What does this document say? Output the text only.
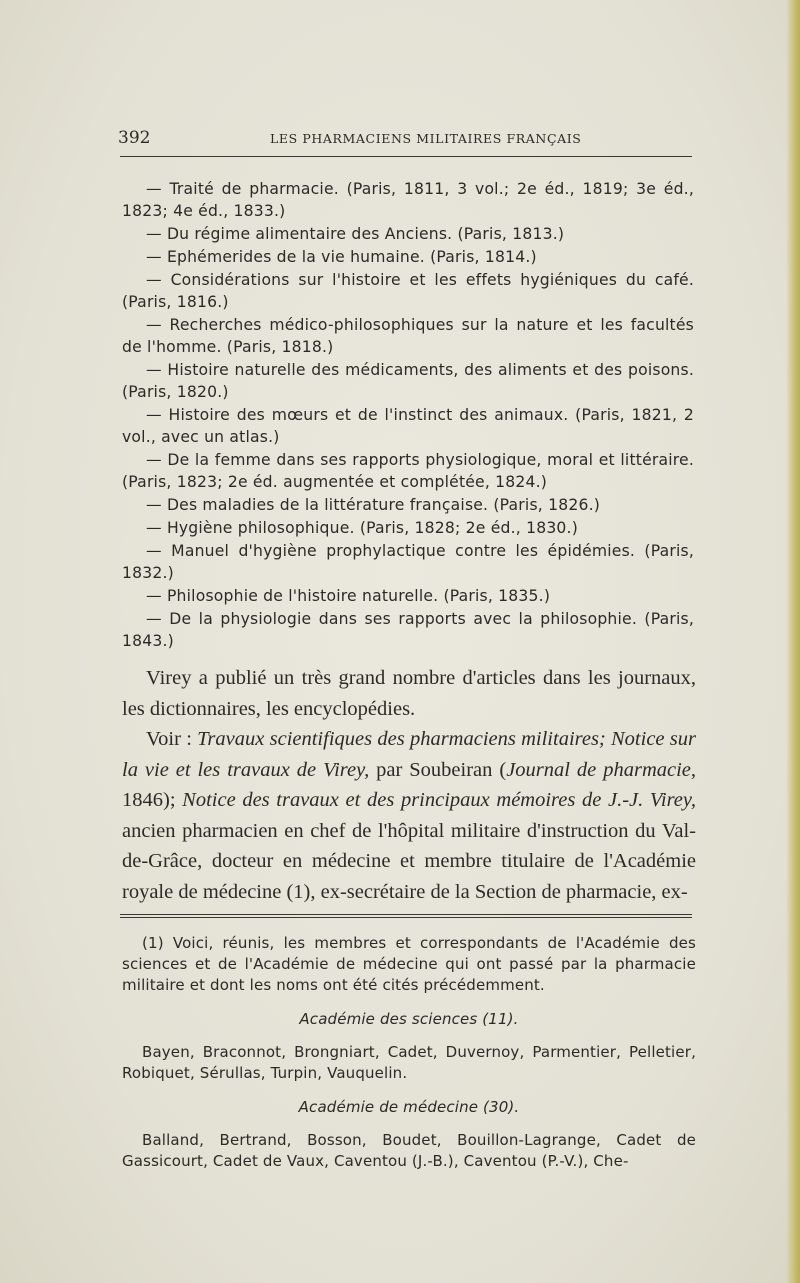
392	LES PHARMACIENS MILITAIRES FRANÇAIS

— Traité de pharmacie. (Paris, 1811, 3 vol.; 2e éd., 1819; 3e éd., 1823; 4e éd., 1833.)

— Du régime alimentaire des Anciens. (Paris, 1813.)

— Ephémerides de la vie humaine. (Paris, 1814.)

— Considérations sur l'histoire et les effets hygiéniques du café. (Paris, 1816.)

— Recherches médico-philosophiques sur la nature et les facultés de l'homme. (Paris, 1818.)

— Histoire naturelle des médicaments, des aliments et des poisons. (Paris, 1820.)

— Histoire des mœurs et de l'instinct des animaux. (Paris, 1821, 2 vol., avec un atlas.)

— De la femme dans ses rapports physiologique, moral et littéraire. (Paris, 1823; 2e éd. augmentée et complétée, 1824.)

— Des maladies de la littérature française. (Paris, 1826.)

— Hygiène philosophique. (Paris, 1828; 2e éd., 1830.)

— Manuel d'hygiène prophylactique contre les épidémies. (Paris, 1832.)

— Philosophie de l'histoire naturelle. (Paris, 1835.)

— De la physiologie dans ses rapports avec la philosophie. (Paris, 1843.)

Virey a publié un très grand nombre d'articles dans les journaux, les dictionnaires, les encyclopédies.

Voir : Travaux scientifiques des pharmaciens militaires; Notice sur la vie et les travaux de Virey, par Soubeiran (Journal de pharmacie, 1846); Notice des travaux et des principaux mémoires de J.-J. Virey, ancien pharmacien en chef de l'hôpital militaire d'instruction du Val-de-Grâce, docteur en médecine et membre titulaire de l'Académie royale de médecine (1), ex-secrétaire de la Section de pharmacie, ex-

(1) Voici, réunis, les membres et correspondants de l'Académie des sciences et de l'Académie de médecine qui ont passé par la pharmacie militaire et dont les noms ont été cités précédemment.

Académie des sciences (11).

Bayen, Braconnot, Brongniart, Cadet, Duvernoy, Parmentier, Pelletier, Robiquet, Sérullas, Turpin, Vauquelin.

Académie de médecine (30).

Balland, Bertrand, Bosson, Boudet, Bouillon-Lagrange, Cadet de Gassicourt, Cadet de Vaux, Caventou (J.-B.), Caventou (P.-V.), Che-
